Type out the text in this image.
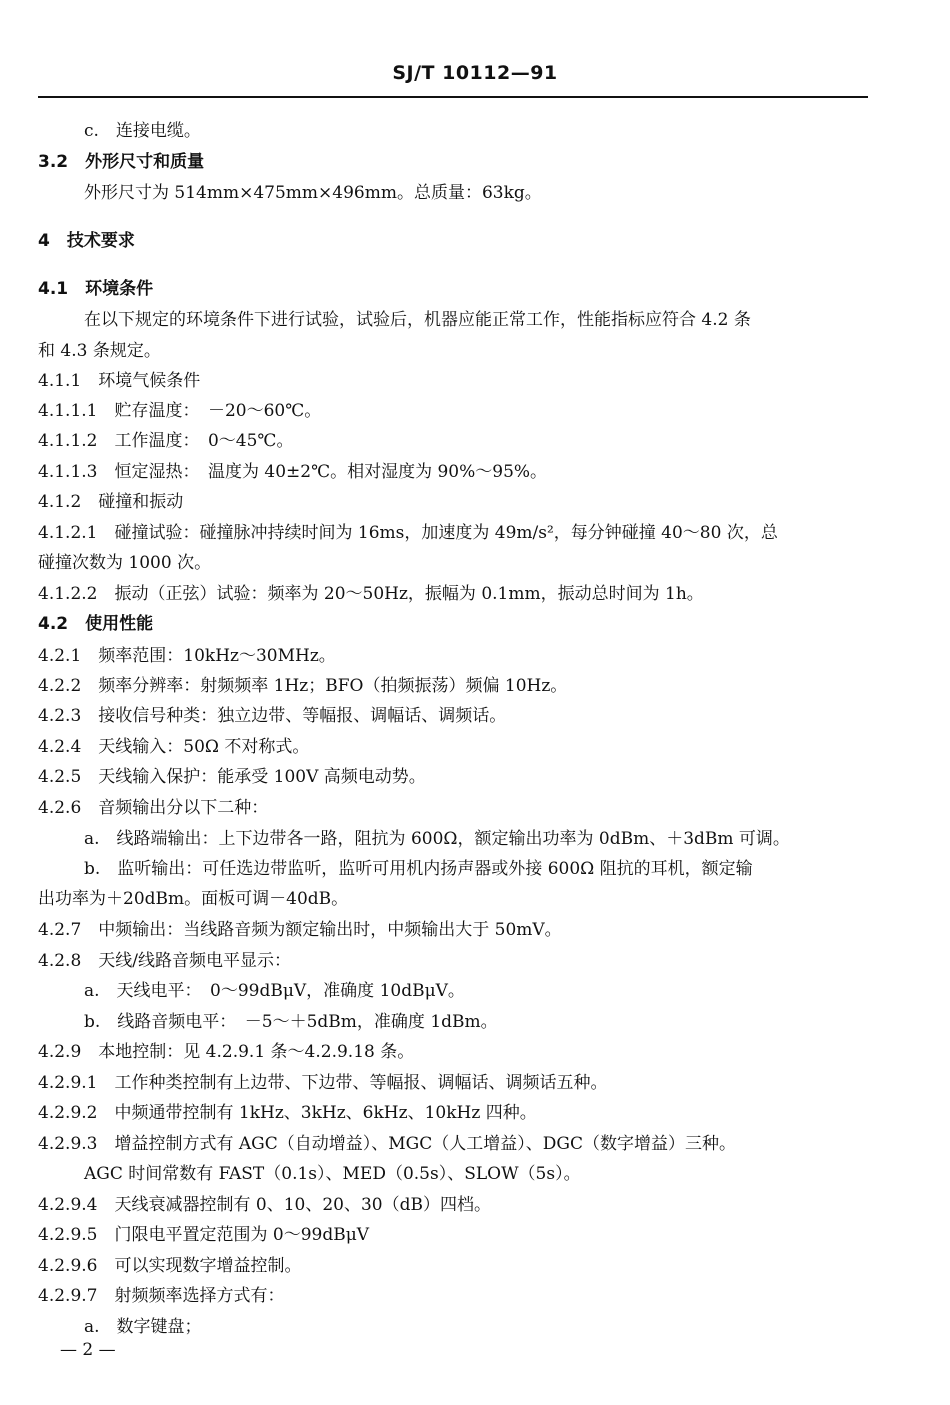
SJ/T 10112—91
c.　连接电缆。
3.2　外形尺寸和质量
外形尺寸为 514mm×475mm×496mm。总质量：63kg。
4　技术要求
4.1　环境条件
在以下规定的环境条件下进行试验，试验后，机器应能正常工作，性能指标应符合 4.2 条
和 4.3 条规定。
4.1.1　环境气候条件
4.1.1.1　贮存温度：　－20～60℃。
4.1.1.2　工作温度：　0～45℃。
4.1.1.3　恒定湿热：　温度为 40±2℃。相对湿度为 90%～95%。
4.1.2　碰撞和振动
4.1.2.1　碰撞试验：碰撞脉冲持续时间为 16ms，加速度为 49m/s²，每分钟碰撞 40～80 次，总
碰撞次数为 1000 次。
4.1.2.2　振动（正弦）试验：频率为 20～50Hz，振幅为 0.1mm，振动总时间为 1h。
4.2　使用性能
4.2.1　频率范围：10kHz～30MHz。
4.2.2　频率分辨率：射频频率 1Hz；BFO（拍频振荡）频偏 10Hz。
4.2.3　接收信号种类：独立边带、等幅报、调幅话、调频话。
4.2.4　天线输入：50Ω 不对称式。
4.2.5　天线输入保护：能承受 100V 高频电动势。
4.2.6　音频输出分以下二种：
a.　线路端输出：上下边带各一路，阻抗为 600Ω，额定输出功率为 0dBm、＋3dBm 可调。
b.　监听输出：可任选边带监听，监听可用机内扬声器或外接 600Ω 阻抗的耳机，额定输
出功率为＋20dBm。面板可调－40dB。
4.2.7　中频输出：当线路音频为额定输出时，中频输出大于 50mV。
4.2.8　天线/线路音频电平显示：
a.　天线电平：　0～99dBμV，准确度 10dBμV。
b.　线路音频电平：　－5～＋5dBm，准确度 1dBm。
4.2.9　本地控制：见 4.2.9.1 条～4.2.9.18 条。
4.2.9.1　工作种类控制有上边带、下边带、等幅报、调幅话、调频话五种。
4.2.9.2　中频通带控制有 1kHz、3kHz、6kHz、10kHz 四种。
4.2.9.3　增益控制方式有 AGC（自动增益）、MGC（人工增益）、DGC（数字增益）三种。
AGC 时间常数有 FAST（0.1s）、MED（0.5s）、SLOW（5s）。
4.2.9.4　天线衰减器控制有 0、10、20、30（dB）四档。
4.2.9.5　门限电平置定范围为 0～99dBμV
4.2.9.6　可以实现数字增益控制。
4.2.9.7　射频频率选择方式有：
a.　数字键盘；
— 2 —
